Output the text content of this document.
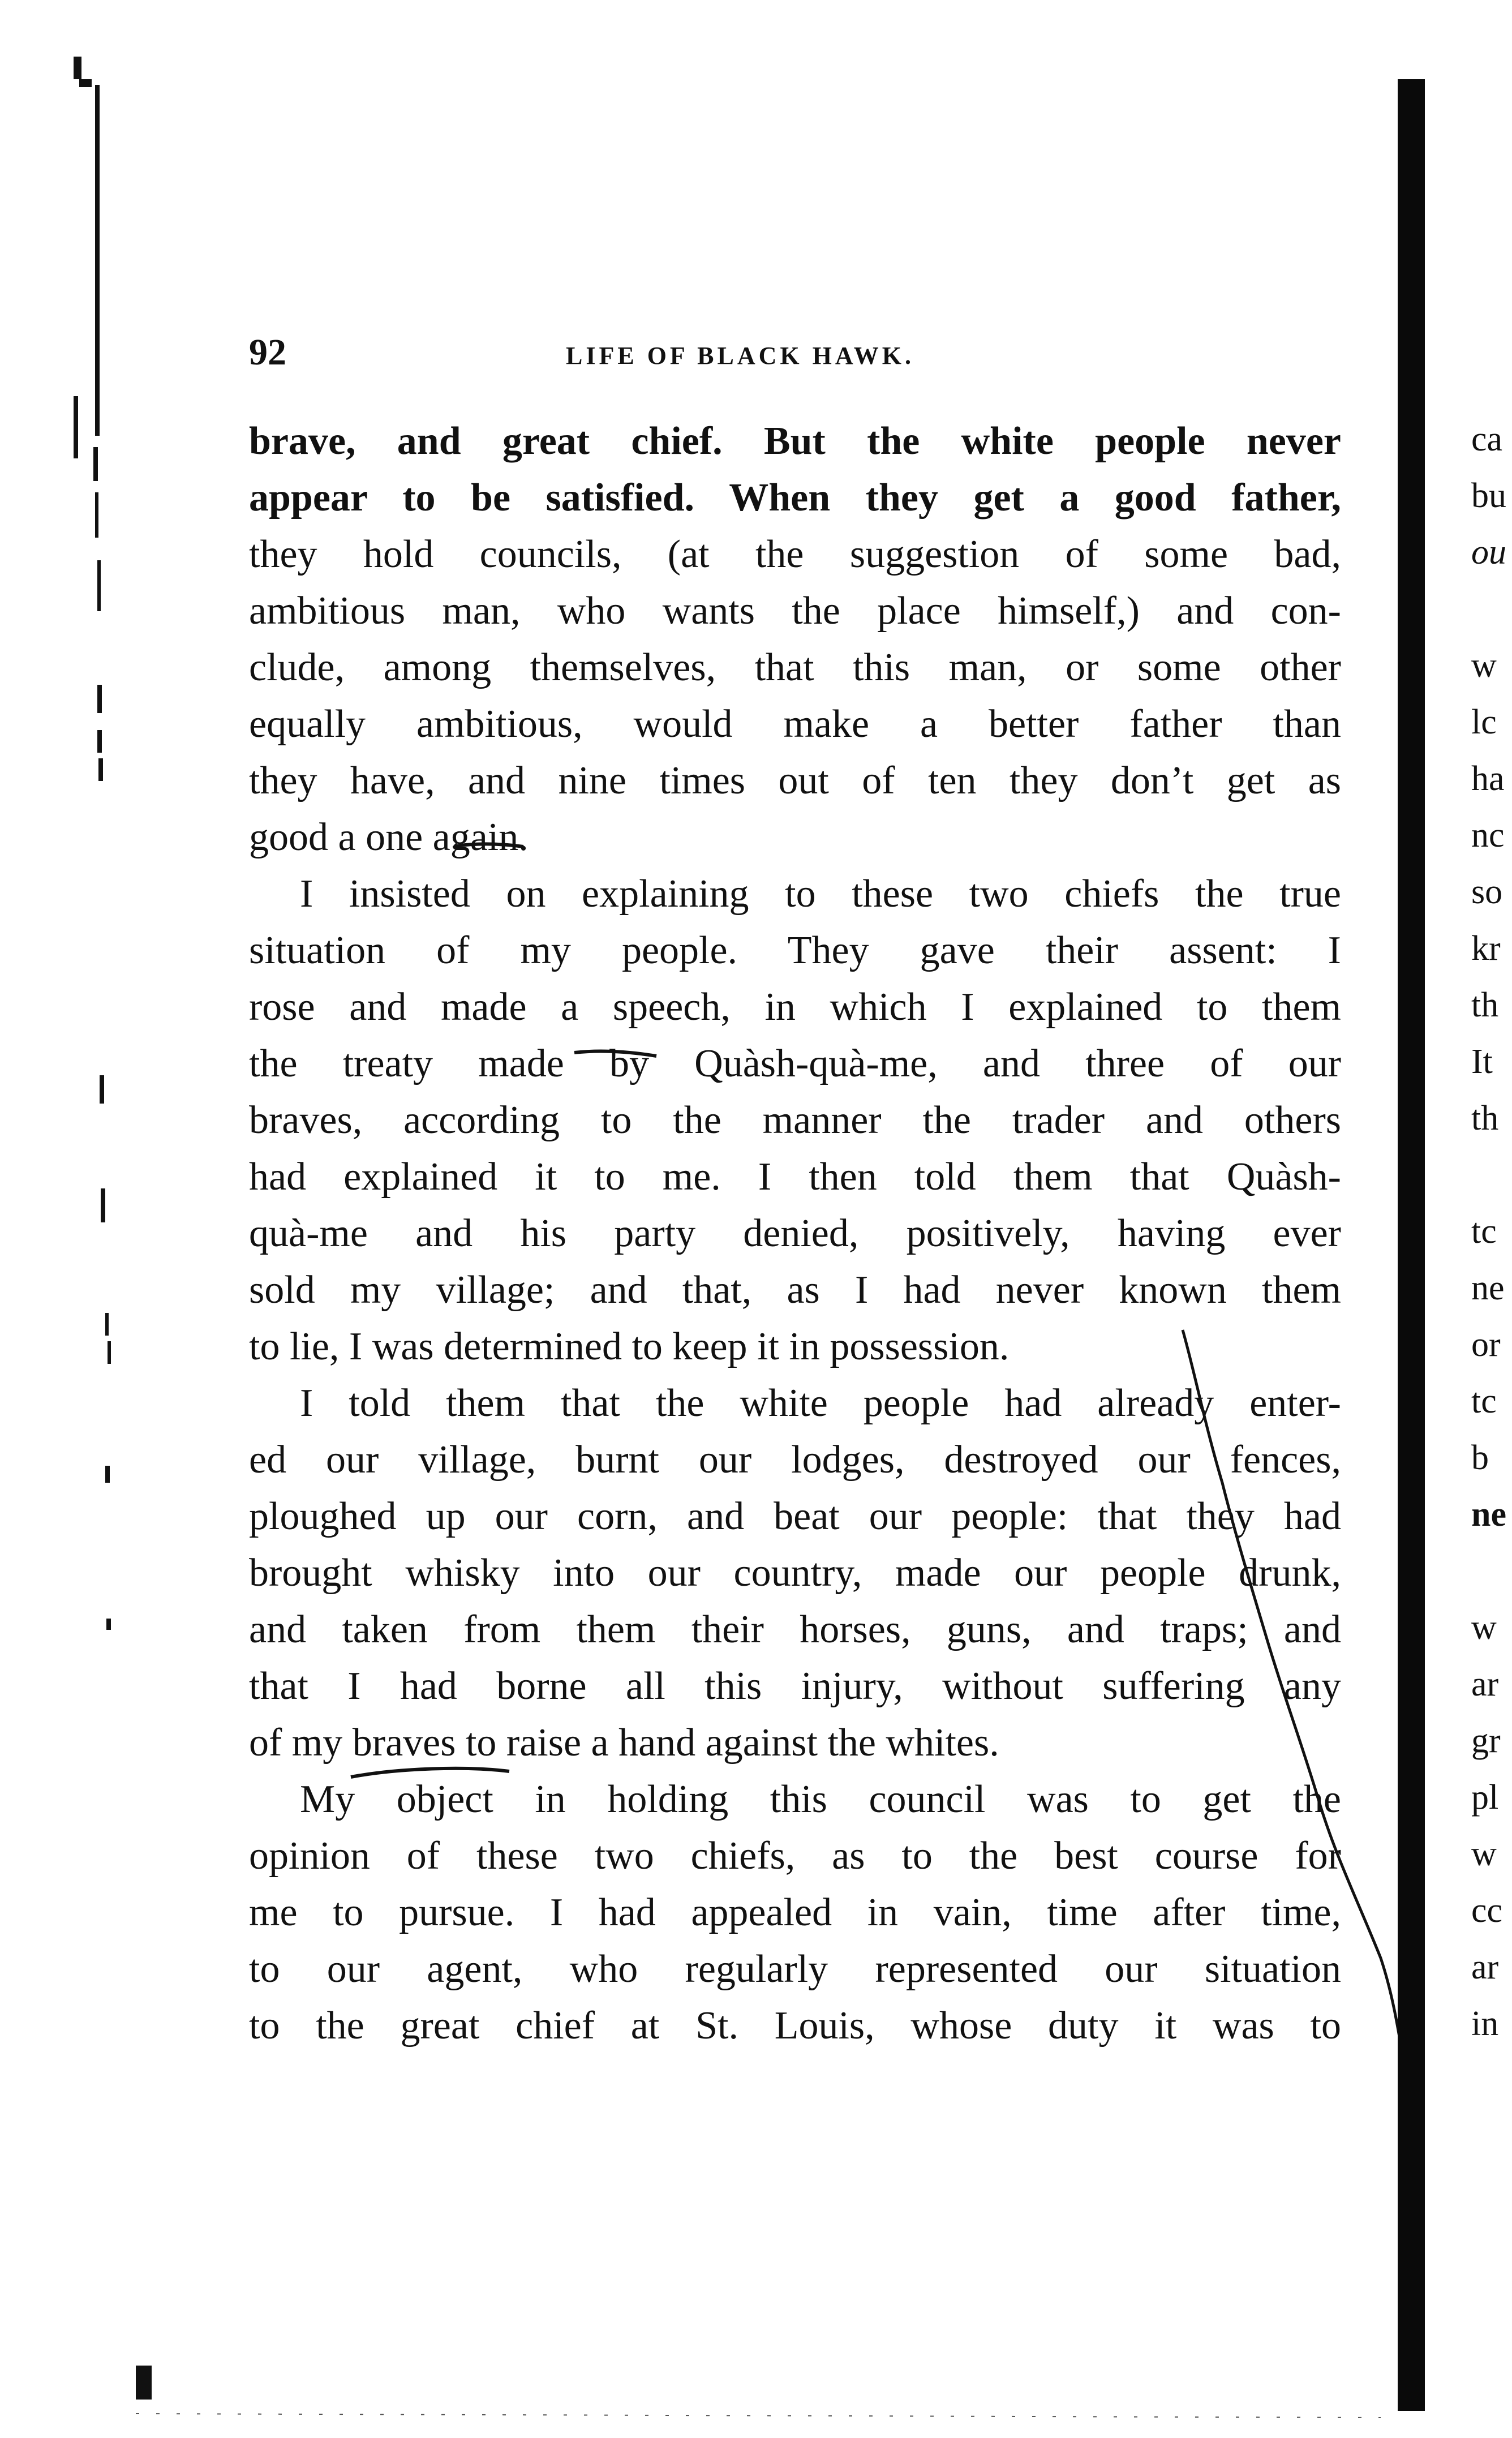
92	LIFE OF BLACK HAWK.
brave, and great chief. But the white people never
appear to be satisfied. When they get a good father,
they hold councils, (at the suggestion of some bad,
ambitious man, who wants the place himself,) and con-
clude, among themselves, that this man, or some other
equally ambitious, would make a better father than
they have, and nine times out of ten they don’t get as
good a one again.
I insisted on explaining to these two chiefs the true
situation of my people. They gave their assent: I
rose and made a speech, in which I explained to them
the treaty made by Quàsh-quà-me, and three of our
braves, according to the manner the trader and others
had explained it to me. I then told them that Quàsh-
quà-me and his party denied, positively, having ever
sold my village; and that, as I had never known them
to lie, I was determined to keep it in possession.
I told them that the white people had already enter-
ed our village, burnt our lodges, destroyed our fences,
ploughed up our corn, and beat our people: that they had
brought whisky into our country, made our people drunk,
and taken from them their horses, guns, and traps; and
that I had borne all this injury, without suffering any
of my braves to raise a hand against the whites.
My object in holding this council was to get the
opinion of these two chiefs, as to the best course for
me to pursue. I had appealed in vain, time after time,
to our agent, who regularly represented our situation
to the great chief at St. Louis, whose duty it was to
ca
bu
ou
w
lc
ha
nc
so
kr
th
It
th
tc
ne
or
tc
b
ne
w
ar
gr
pl
w
cc
ar
in
